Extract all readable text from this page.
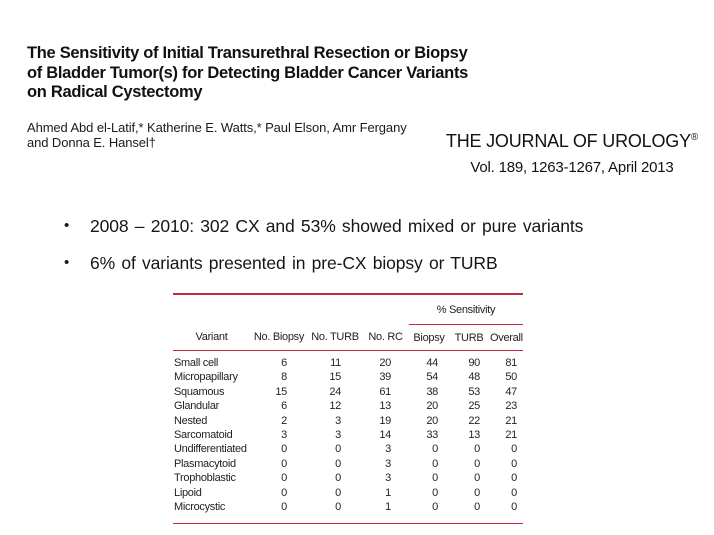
The Sensitivity of Initial Transurethral Resection or Biopsy
of Bladder Tumor(s) for Detecting Bladder Cancer Variants
on Radical Cystectomy
Ahmed Abd el-Latif,* Katherine E. Watts,* Paul Elson, Amr Fergany
and Donna E. Hansel†	THE JOURNAL OF UROLOGY®
Vol. 189, 1263-1267, April 2013
•	2008 – 2010: 302 CX and 53% showed mixed or pure variants
•	6% of variants presented in pre-CX biopsy or TURB
				% Sensitivity		
Variant	No. Biopsy	No. TURB	No. RC	Biopsy	TURB	Overall
Small cell	6	11	20	44	90	81
Micropapillary	8	15	39	54	48	50
Squamous	15	24	61	38	53	47
Glandular	6	12	13	20	25	23
Nested	2	3	19	20	22	21
Sarcomatoid	3	3	14	33	13	21
Undifferentiated	0	0	3	0	0	0
Plasmacytoid	0	0	3	0	0	0
Trophoblastic	0	0	3	0	0	0
Lipoid	0	0	1	0	0	0
Microcystic	0	0	1	0	0	0
